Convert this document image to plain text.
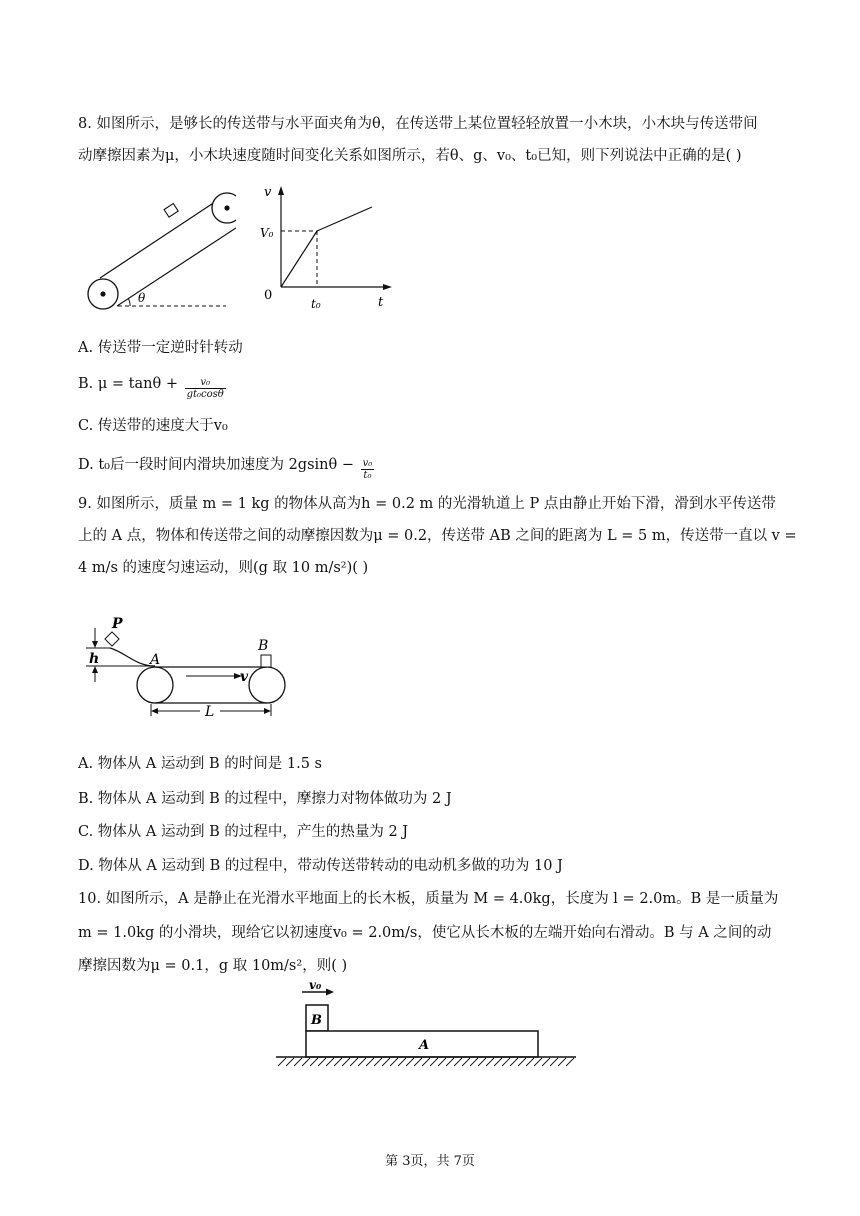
8. 如图所示，是够长的传送带与水平面夹角为θ，在传送带上某位置轻轻放置一小木块，小木块与传送带间
动摩擦因素为μ，小木块速度随时间变化关系如图所示，若θ、g、v₀、t₀已知，则下列说法中正确的是( )
θ
v
V₀
0
t₀	t
A. 传送带一定逆时针转动
B. $\mu = \tan\theta + \frac{\text{v₀}}{\text{gt₀cosθ}}$
C. 传送带的速度大于v₀
D. t₀后一段时间内滑块加速度为 $2gsin\theta - \frac{\text{v₀}}{\text{t₀}}$
9. 如图所示，质量 m = 1 kg 的物体从高为h = 0.2 m 的光滑轨道上 P 点由静止开始下滑，滑到水平传送带
上的 A 点，物体和传送带之间的动摩擦因数为μ = 0.2，传送带 AB 之间的距离为 L = 5 m，传送带一直以 v =
4 m/s 的速度匀速运动，则(g 取 10 m/s²)( )
P
h	A
B
v
L
A. 物体从 A 运动到 B 的时间是 1.5 s
B. 物体从 A 运动到 B 的过程中，摩擦力对物体做功为 2 J
C. 物体从 A 运动到 B 的过程中，产生的热量为 2 J
D. 物体从 A 运动到 B 的过程中，带动传送带转动的电动机多做的功为 10 J
10. 如图所示，A 是静止在光滑水平地面上的长木板，质量为 M = 4.0kg，长度为 l = 2.0m。B 是一质量为
m = 1.0kg 的小滑块，现给它以初速度v₀ = 2.0m/s，使它从长木板的左端开始向右滑动。B 与 A 之间的动
摩擦因数为μ = 0.1，g 取 10m/s²，则( )
v₀
B
A
第 3页，共 7页
